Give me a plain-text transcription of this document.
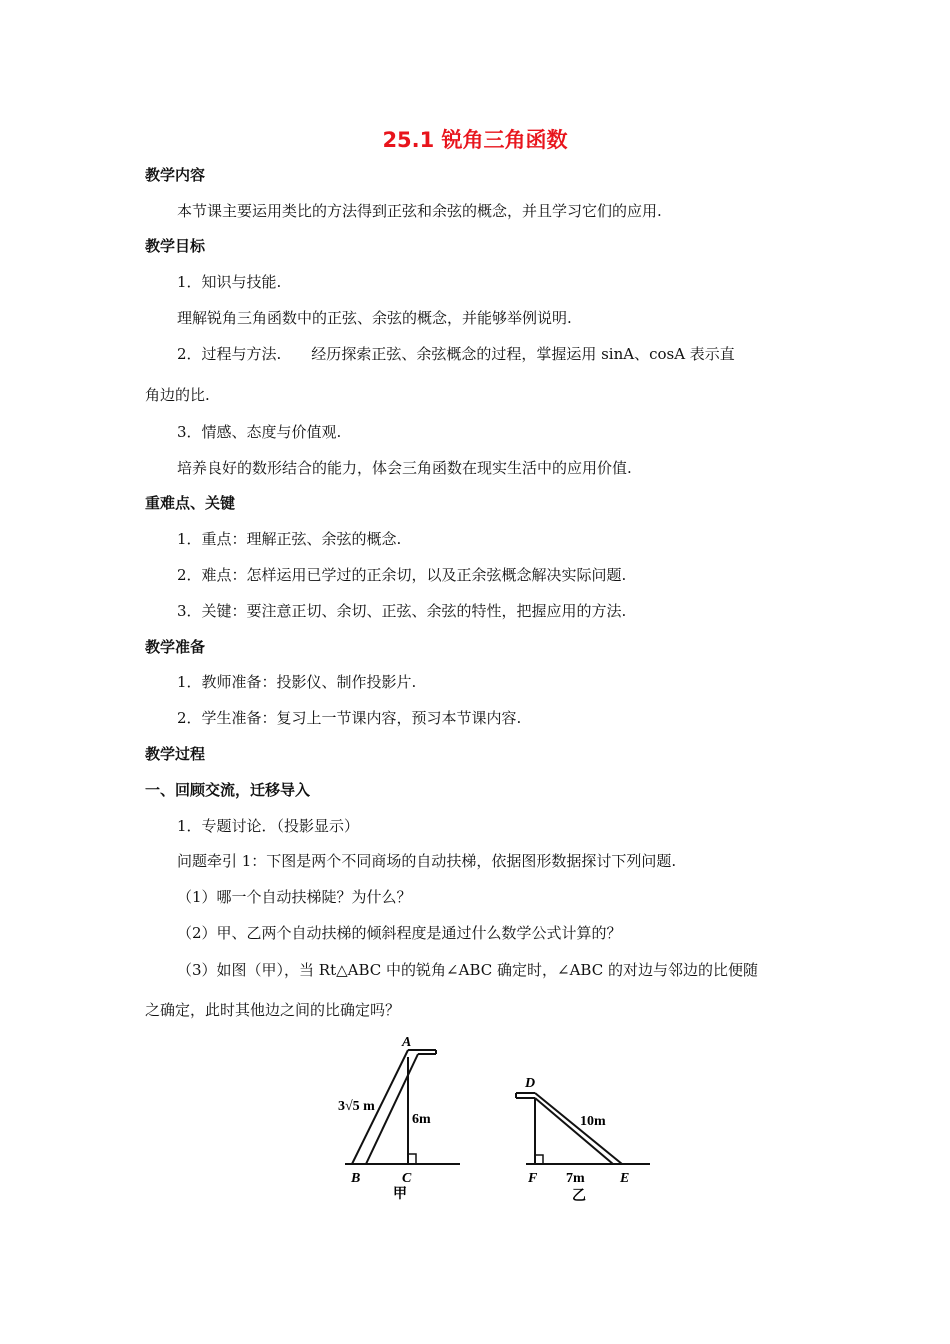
25.1 锐角三角函数
教学内容
本节课主要运用类比的方法得到正弦和余弦的概念，并且学习它们的应用.
教学目标
1．知识与技能.
理解锐角三角函数中的正弦、余弦的概念，并能够举例说明.
2．过程与方法.　　经历探索正弦、余弦概念的过程，掌握运用 sinA、cosA 表示直
角边的比.
3．情感、态度与价值观.
培养良好的数形结合的能力，体会三角函数在现实生活中的应用价值.
重难点、关键
1．重点：理解正弦、余弦的概念.
2．难点：怎样运用已学过的正余切，以及正余弦概念解决实际问题.
3．关键：要注意正切、余切、正弦、余弦的特性，把握应用的方法.
教学准备
1．教师准备：投影仪、制作投影片.
2．学生准备：复习上一节课内容，预习本节课内容.
教学过程
一、回顾交流，迁移导入
1．专题讨论．（投影显示）
问题牵引 1：下图是两个不同商场的自动扶梯，依据图形数据探讨下列问题.
（1）哪一个自动扶梯陡？为什么？
（2）甲、乙两个自动扶梯的倾斜程度是通过什么数学公式计算的？
（3）如图（甲），当 Rt△ABC 中的锐角∠ABC 确定时，∠ABC 的对边与邻边的比便随
之确定，此时其他边之间的比确定吗？
A
3√5 m
6m
B	C
甲
D
10m
F 7m	E
乙
